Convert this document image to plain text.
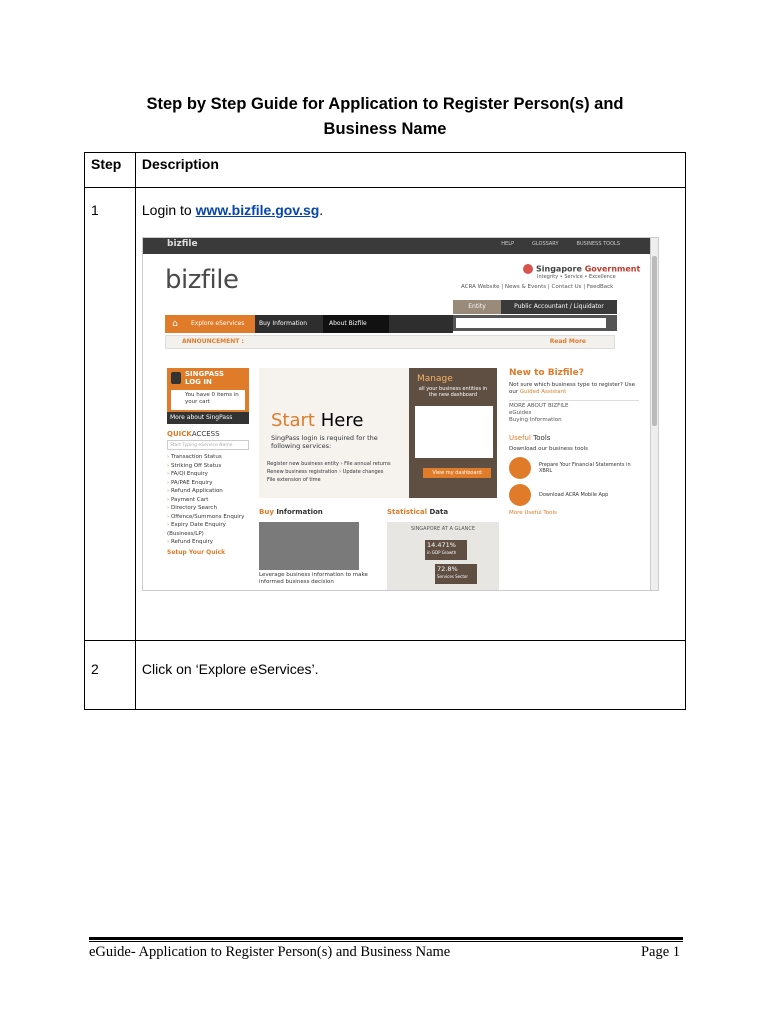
Step by Step Guide for Application to Register Person(s) and
Business Name
Step	Description

1	Login to www.bizfile.gov.sg.

2	Click on ‘Explore eServices’.
bizfile	HELP	GLOSSARY	BUSINESS TOOLS
bizfile	Singapore Government
Integrity • Service • Excellence
ACRA Website | News & Events | Contact Us | FeedBack
Entity	Public Accountant / Liquidator
⌂	Explore eServices	Buy Information	About Bizfile
ANNOUNCEMENT :	Read More
SINGPASS
LOG IN
You have 0 items in
your cart
More about SingPass
QUICKACCESS
Start Typing eService Name
› Transaction Status
› Striking Off Status
› FA/QI Enquiry
› PA/PAE Enquiry
› Refund Application
› Payment Cart
› Directory Search
› Offence/Summons Enquiry
› Expiry Date Enquiry (Business/LP)
› Refund Enquiry
Setup Your Quick
Start Here
SingPass login is required for the
following services:
Register new business entity › File annual returns
Renew business registration › Update changes
File extension of time
Manage
all your business entities in the new dashboard
View my dashboard
Buy Information
Leverage business information to make informed business decision
Statistical Data
SINGAPORE AT A GLANCE
14.471%
in GDP Growth
72.8%
Services Sector
New to Bizfile?
Not sure which business type to register? Use our Guided Assistant
MORE ABOUT BIZFILE
eGuides
Buying Information
Useful Tools
Download our business tools
Prepare Your Financial Statements in XBRL
Download ACRA Mobile App
More Useful Tools
eGuide- Application to Register Person(s) and Business Name	Page 1
